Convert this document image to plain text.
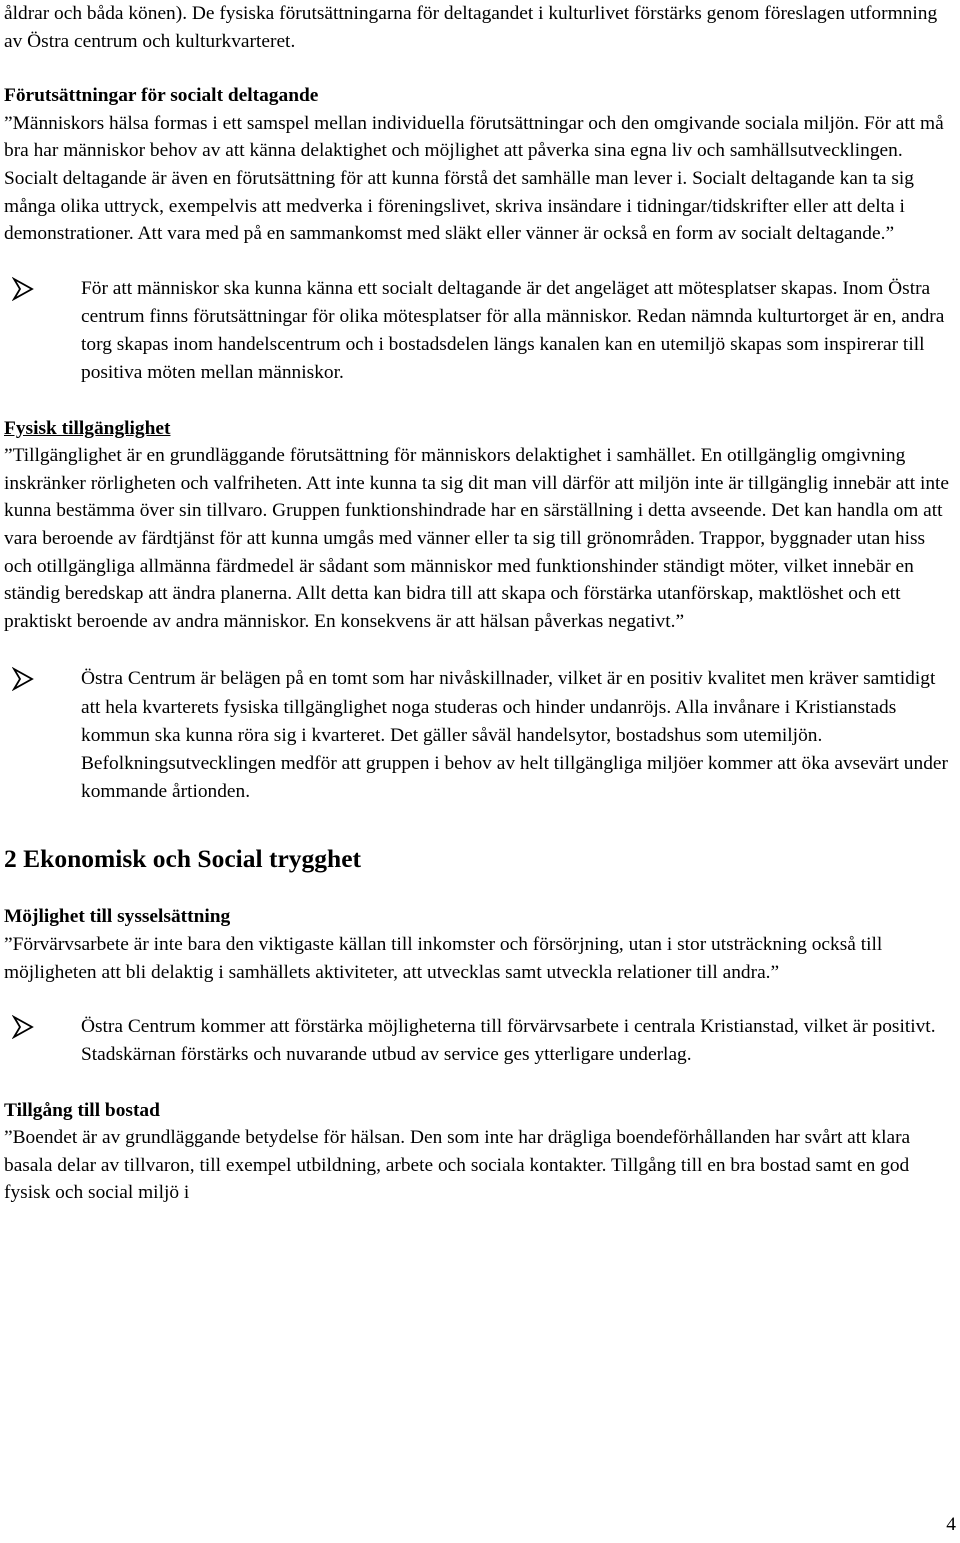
åldrar och båda könen). De fysiska förutsättningarna för deltagandet i kulturlivet förstärks genom föreslagen utformning av Östra centrum och kulturkvarteret.

Förutsättningar för socialt deltagande

”Människors hälsa formas i ett samspel mellan individuella förutsättningar och den omgivande sociala miljön. För att må bra har människor behov av att känna delaktighet och möjlighet att påverka sina egna liv och samhällsutvecklingen. Socialt deltagande är även en förutsättning för att kunna förstå det samhälle man lever i. Socialt deltagande kan ta sig många olika uttryck, exempelvis att medverka i föreningslivet, skriva insändare i tidningar/tidskrifter eller att delta i demonstrationer. Att vara med på en sammankomst med släkt eller vänner är också en form av socialt deltagande.”

För att människor ska kunna känna ett socialt deltagande är det angeläget att mötesplatser skapas. Inom Östra centrum finns förutsättningar för olika mötesplatser för alla människor. Redan nämnda kulturtorget är en, andra torg skapas inom handelscentrum och i bostadsdelen längs kanalen kan en utemiljö skapas som inspirerar till positiva möten mellan människor.

Fysisk tillgänglighet

”Tillgänglighet är en grundläggande förutsättning för människors delaktighet i samhället. En otillgänglig omgivning inskränker rörligheten och valfriheten. Att inte kunna ta sig dit man vill därför att miljön inte är tillgänglig innebär att inte kunna bestämma över sin tillvaro. Gruppen funktionshindrade har en särställning i detta avseende. Det kan handla om att vara beroende av färdtjänst för att kunna umgås med vänner eller ta sig till grönområden. Trappor, byggnader utan hiss och otillgängliga allmänna färdmedel är sådant som människor med funktionshinder ständigt möter, vilket innebär en ständig beredskap att ändra planerna. Allt detta kan bidra till att skapa och förstärka utanförskap, maktlöshet och ett praktiskt beroende av andra människor. En konsekvens är att hälsan påverkas negativt.”

Östra Centrum är belägen på en tomt som har nivåskillnader, vilket är en positiv kvalitet men kräver samtidigt att hela kvarterets fysiska tillgänglighet noga studeras och hinder undanröjs. Alla invånare i Kristianstads kommun ska kunna röra sig i kvarteret. Det gäller såväl handelsytor, bostadshus som utemiljön.
Befolkningsutvecklingen medför att gruppen i behov av helt tillgängliga miljöer kommer att öka avsevärt under kommande årtionden.

2 Ekonomisk och Social trygghet

Möjlighet till sysselsättning

”Förvärvsarbete är inte bara den viktigaste källan till inkomster och försörjning, utan i stor utsträckning också till möjligheten att bli delaktig i samhällets aktiviteter, att utvecklas samt utveckla relationer till andra.”

Östra Centrum kommer att förstärka möjligheterna till förvärvsarbete i centrala Kristianstad, vilket är positivt. Stadskärnan förstärks och nuvarande utbud av service ges ytterligare underlag.

Tillgång till bostad

”Boendet är av grundläggande betydelse för hälsan. Den som inte har drägliga boendeförhållanden har svårt att klara basala delar av tillvaron, till exempel utbildning, arbete och sociala kontakter. Tillgång till en bra bostad samt en god fysisk och social miljö i

4
